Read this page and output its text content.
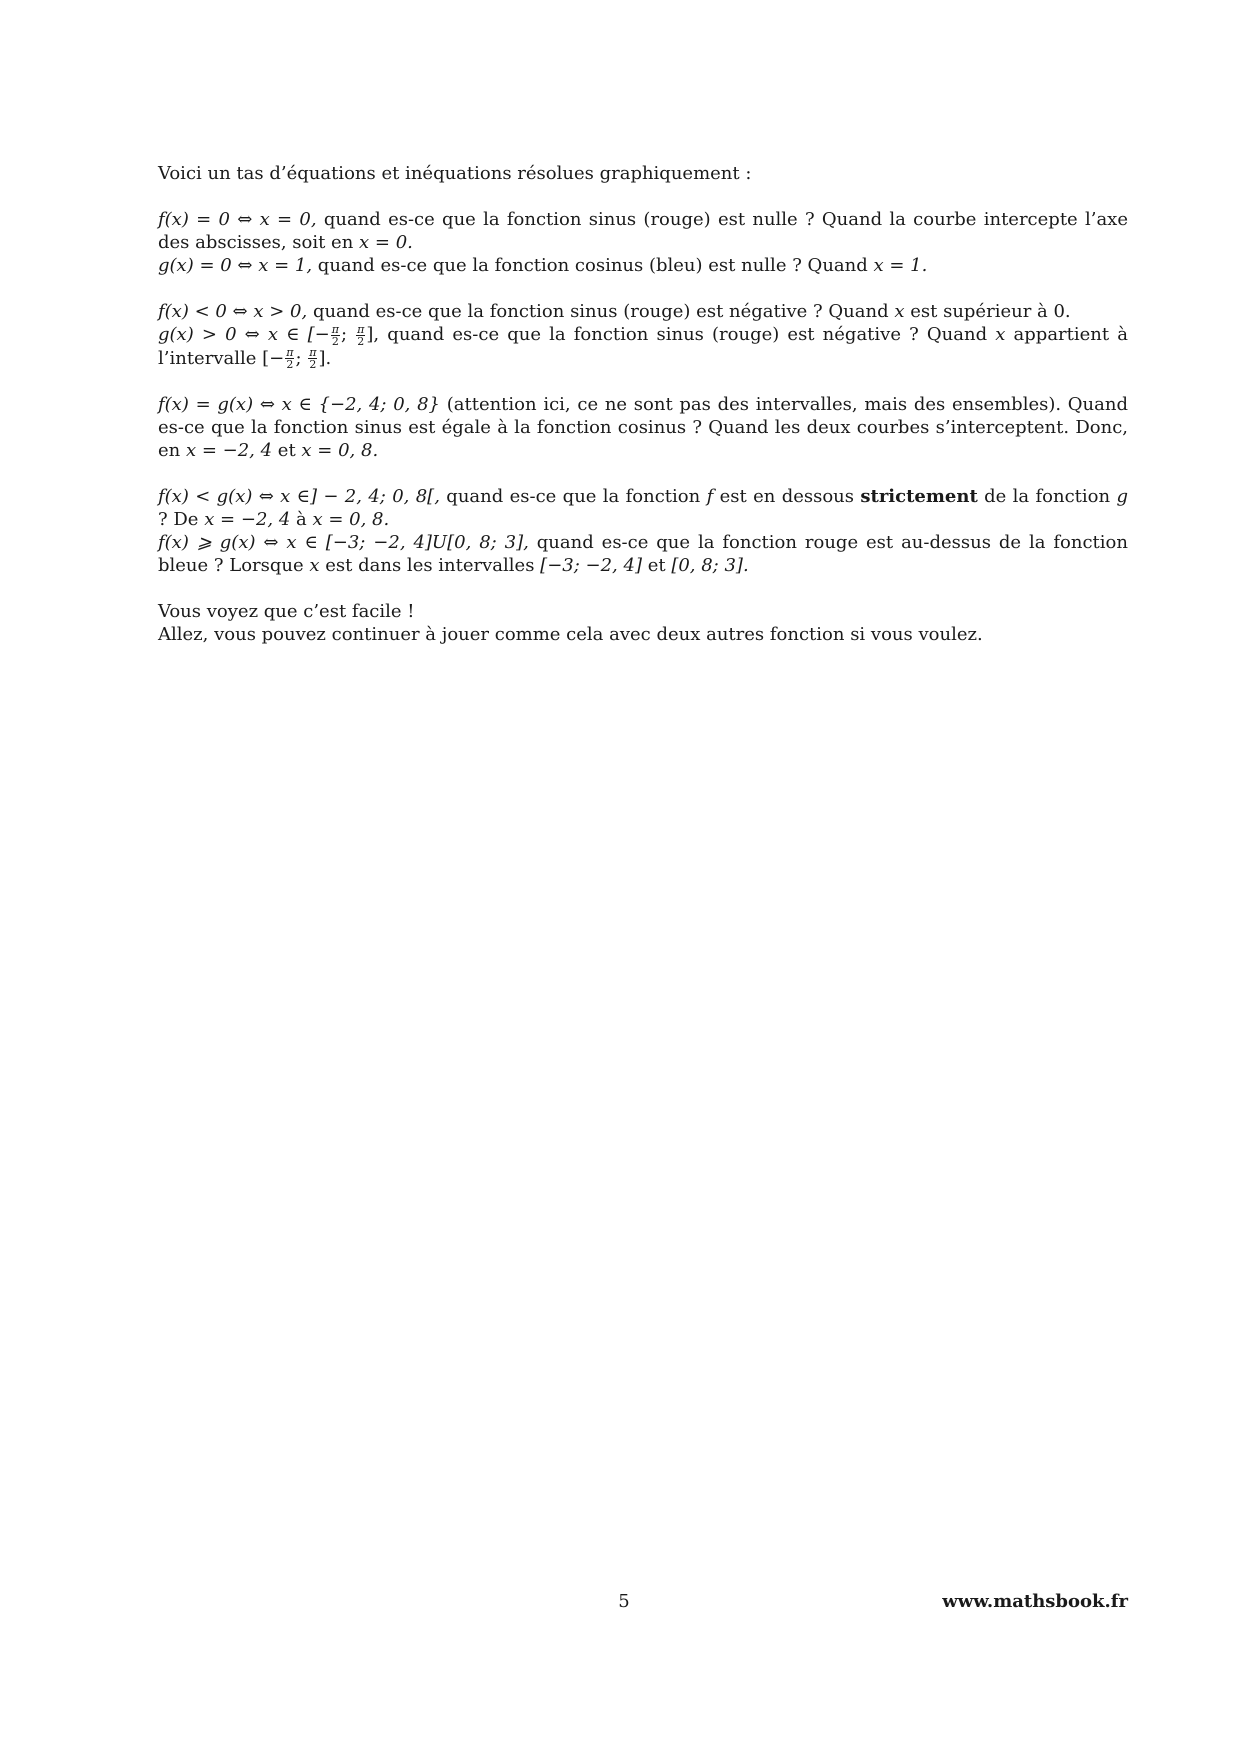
Voici un tas d’équations et inéquations résolues graphiquement :

f(x) = 0 ⇔ x = 0, quand es-ce que la fonction sinus (rouge) est nulle ? Quand la courbe intercepte l’axe des abscisses, soit en x = 0.
g(x) = 0 ⇔ x = 1, quand es-ce que la fonction cosinus (bleu) est nulle ? Quand x = 1.

f(x) < 0 ⇔ x > 0, quand es-ce que la fonction sinus (rouge) est négative ? Quand x est supérieur à 0.
g(x) > 0 ⇔ x ∈ [− $\frac{\pi}{2}$ ; $\frac{\pi}{2}$ ], quand es-ce que la fonction sinus (rouge) est négative ? Quand x appartient à l’intervalle [− $\frac{\pi}{2}$ ; $\frac{\pi}{2}$ ].

f(x) = g(x) ⇔ x ∈ {−2, 4; 0, 8} (attention ici, ce ne sont pas des intervalles, mais des ensembles). Quand es-ce que la fonction sinus est égale à la fonction cosinus ? Quand les deux courbes s’interceptent. Donc, en x = −2, 4 et x = 0, 8.

f(x) < g(x) ⇔ x ∈] − 2, 4; 0, 8[, quand es-ce que la fonction f est en dessous strictement de la fonction g ? De x = −2, 4 à x = 0, 8.
f(x) ⩾ g(x) ⇔ x ∈ [−3; −2, 4]U[0, 8; 3], quand es-ce que la fonction rouge est au-dessus de la fonction bleue ? Lorsque x est dans les intervalles [−3; −2, 4] et [0, 8; 3].

Vous voyez que c’est facile !
Allez, vous pouvez continuer à jouer comme cela avec deux autres fonction si vous voulez.

5	www.mathsbook.fr
